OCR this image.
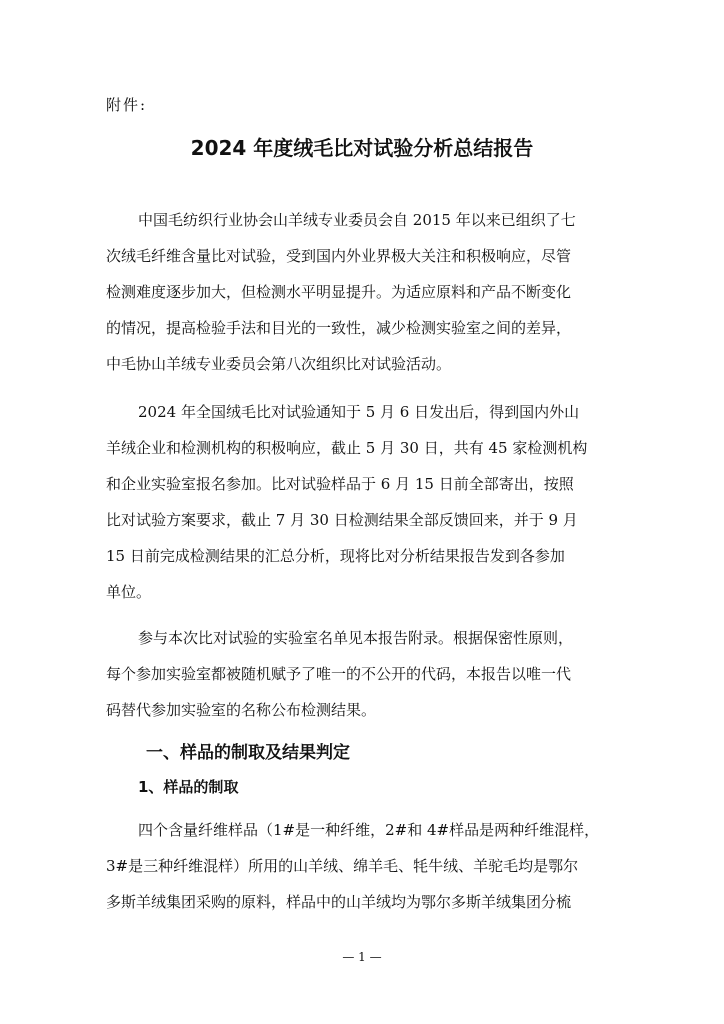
附件:
2024 年度绒毛比对试验分析总结报告
中国毛纺织行业协会山羊绒专业委员会自 2015 年以来已组织了七
次绒毛纤维含量比对试验，受到国内外业界极大关注和积极响应，尽管
检测难度逐步加大，但检测水平明显提升。为适应原料和产品不断变化
的情况，提高检验手法和目光的一致性，减少检测实验室之间的差异，
中毛协山羊绒专业委员会第八次组织比对试验活动。
2024 年全国绒毛比对试验通知于 5 月 6 日发出后，得到国内外山
羊绒企业和检测机构的积极响应，截止 5 月 30 日，共有 45 家检测机构
和企业实验室报名参加。比对试验样品于 6 月 15 日前全部寄出，按照
比对试验方案要求，截止 7 月 30 日检测结果全部反馈回来，并于 9 月
15 日前完成检测结果的汇总分析，现将比对分析结果报告发到各参加
单位。
参与本次比对试验的实验室名单见本报告附录。根据保密性原则，
每个参加实验室都被随机赋予了唯一的不公开的代码，本报告以唯一代
码替代参加实验室的名称公布检测结果。
一、样品的制取及结果判定
1、样品的制取
四个含量纤维样品（1#是一种纤维，2#和 4#样品是两种纤维混样，
3#是三种纤维混样）所用的山羊绒、绵羊毛、牦牛绒、羊驼毛均是鄂尔
多斯羊绒集团采购的原料，样品中的山羊绒均为鄂尔多斯羊绒集团分梳
— 1 —
